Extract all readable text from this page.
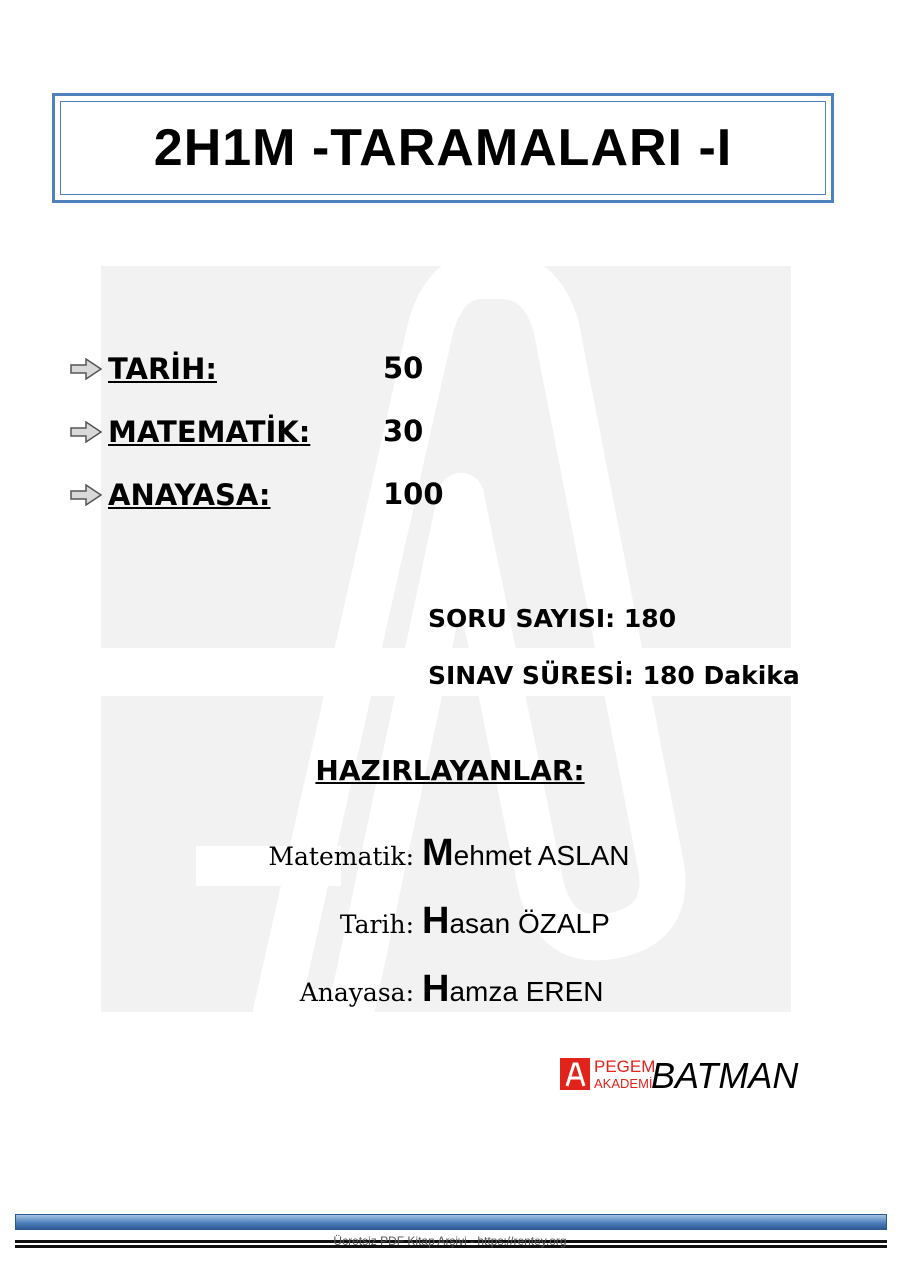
2H1M -TARAMALARI -I
TARİH:	50
MATEMATİK:	30
ANAYASA:	100
SORU SAYISI: 180
SINAV SÜRESİ: 180 Dakika
HAZIRLAYANLAR:
Matematik: Mehmet ASLAN
Tarih: Hasan ÖZALP
Anayasa: Hamza EREN
PEGEM
AKADEMİ
BATMAN
Ücretsiz PDF Kitap Arşivi - https://rentey.org
